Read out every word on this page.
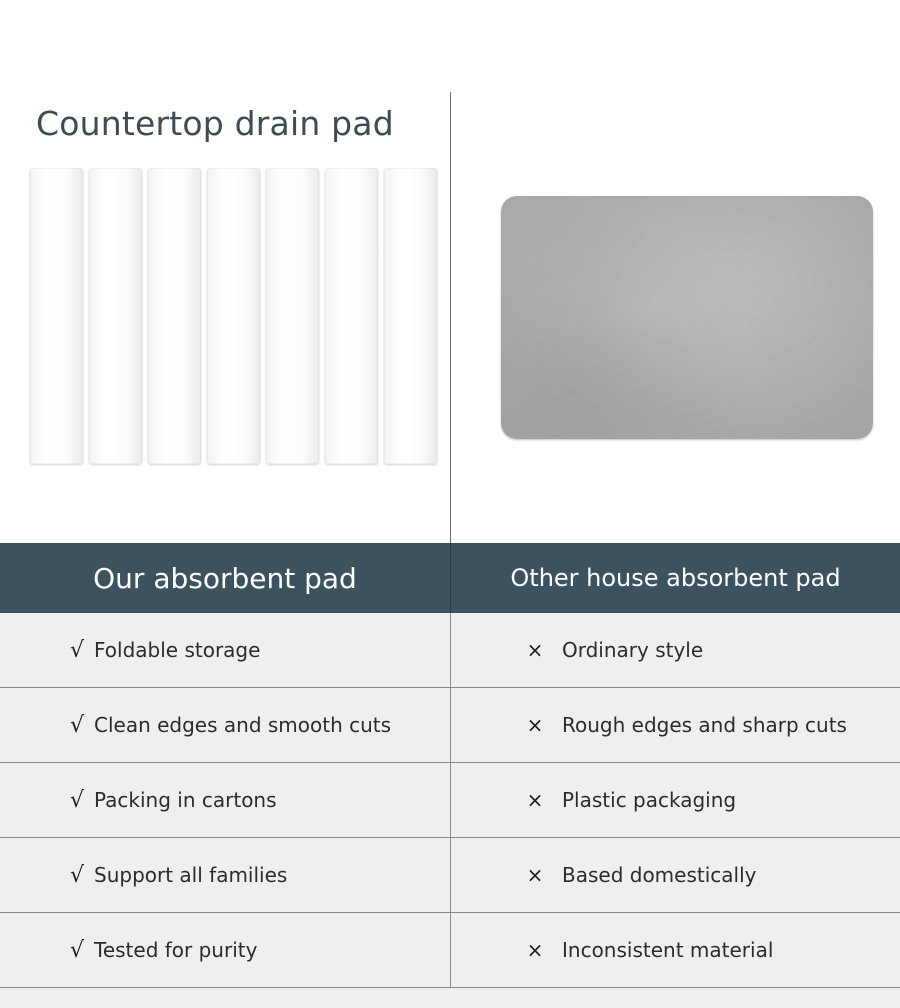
Countertop drain pad
Our absorbent pad	Other house absorbent pad
√ Foldable storage	× Ordinary style
√ Clean edges and smooth cuts	× Rough edges and sharp cuts
√ Packing in cartons	× Plastic packaging
√ Support all families	× Based domestically
√ Tested for purity	× Inconsistent material
